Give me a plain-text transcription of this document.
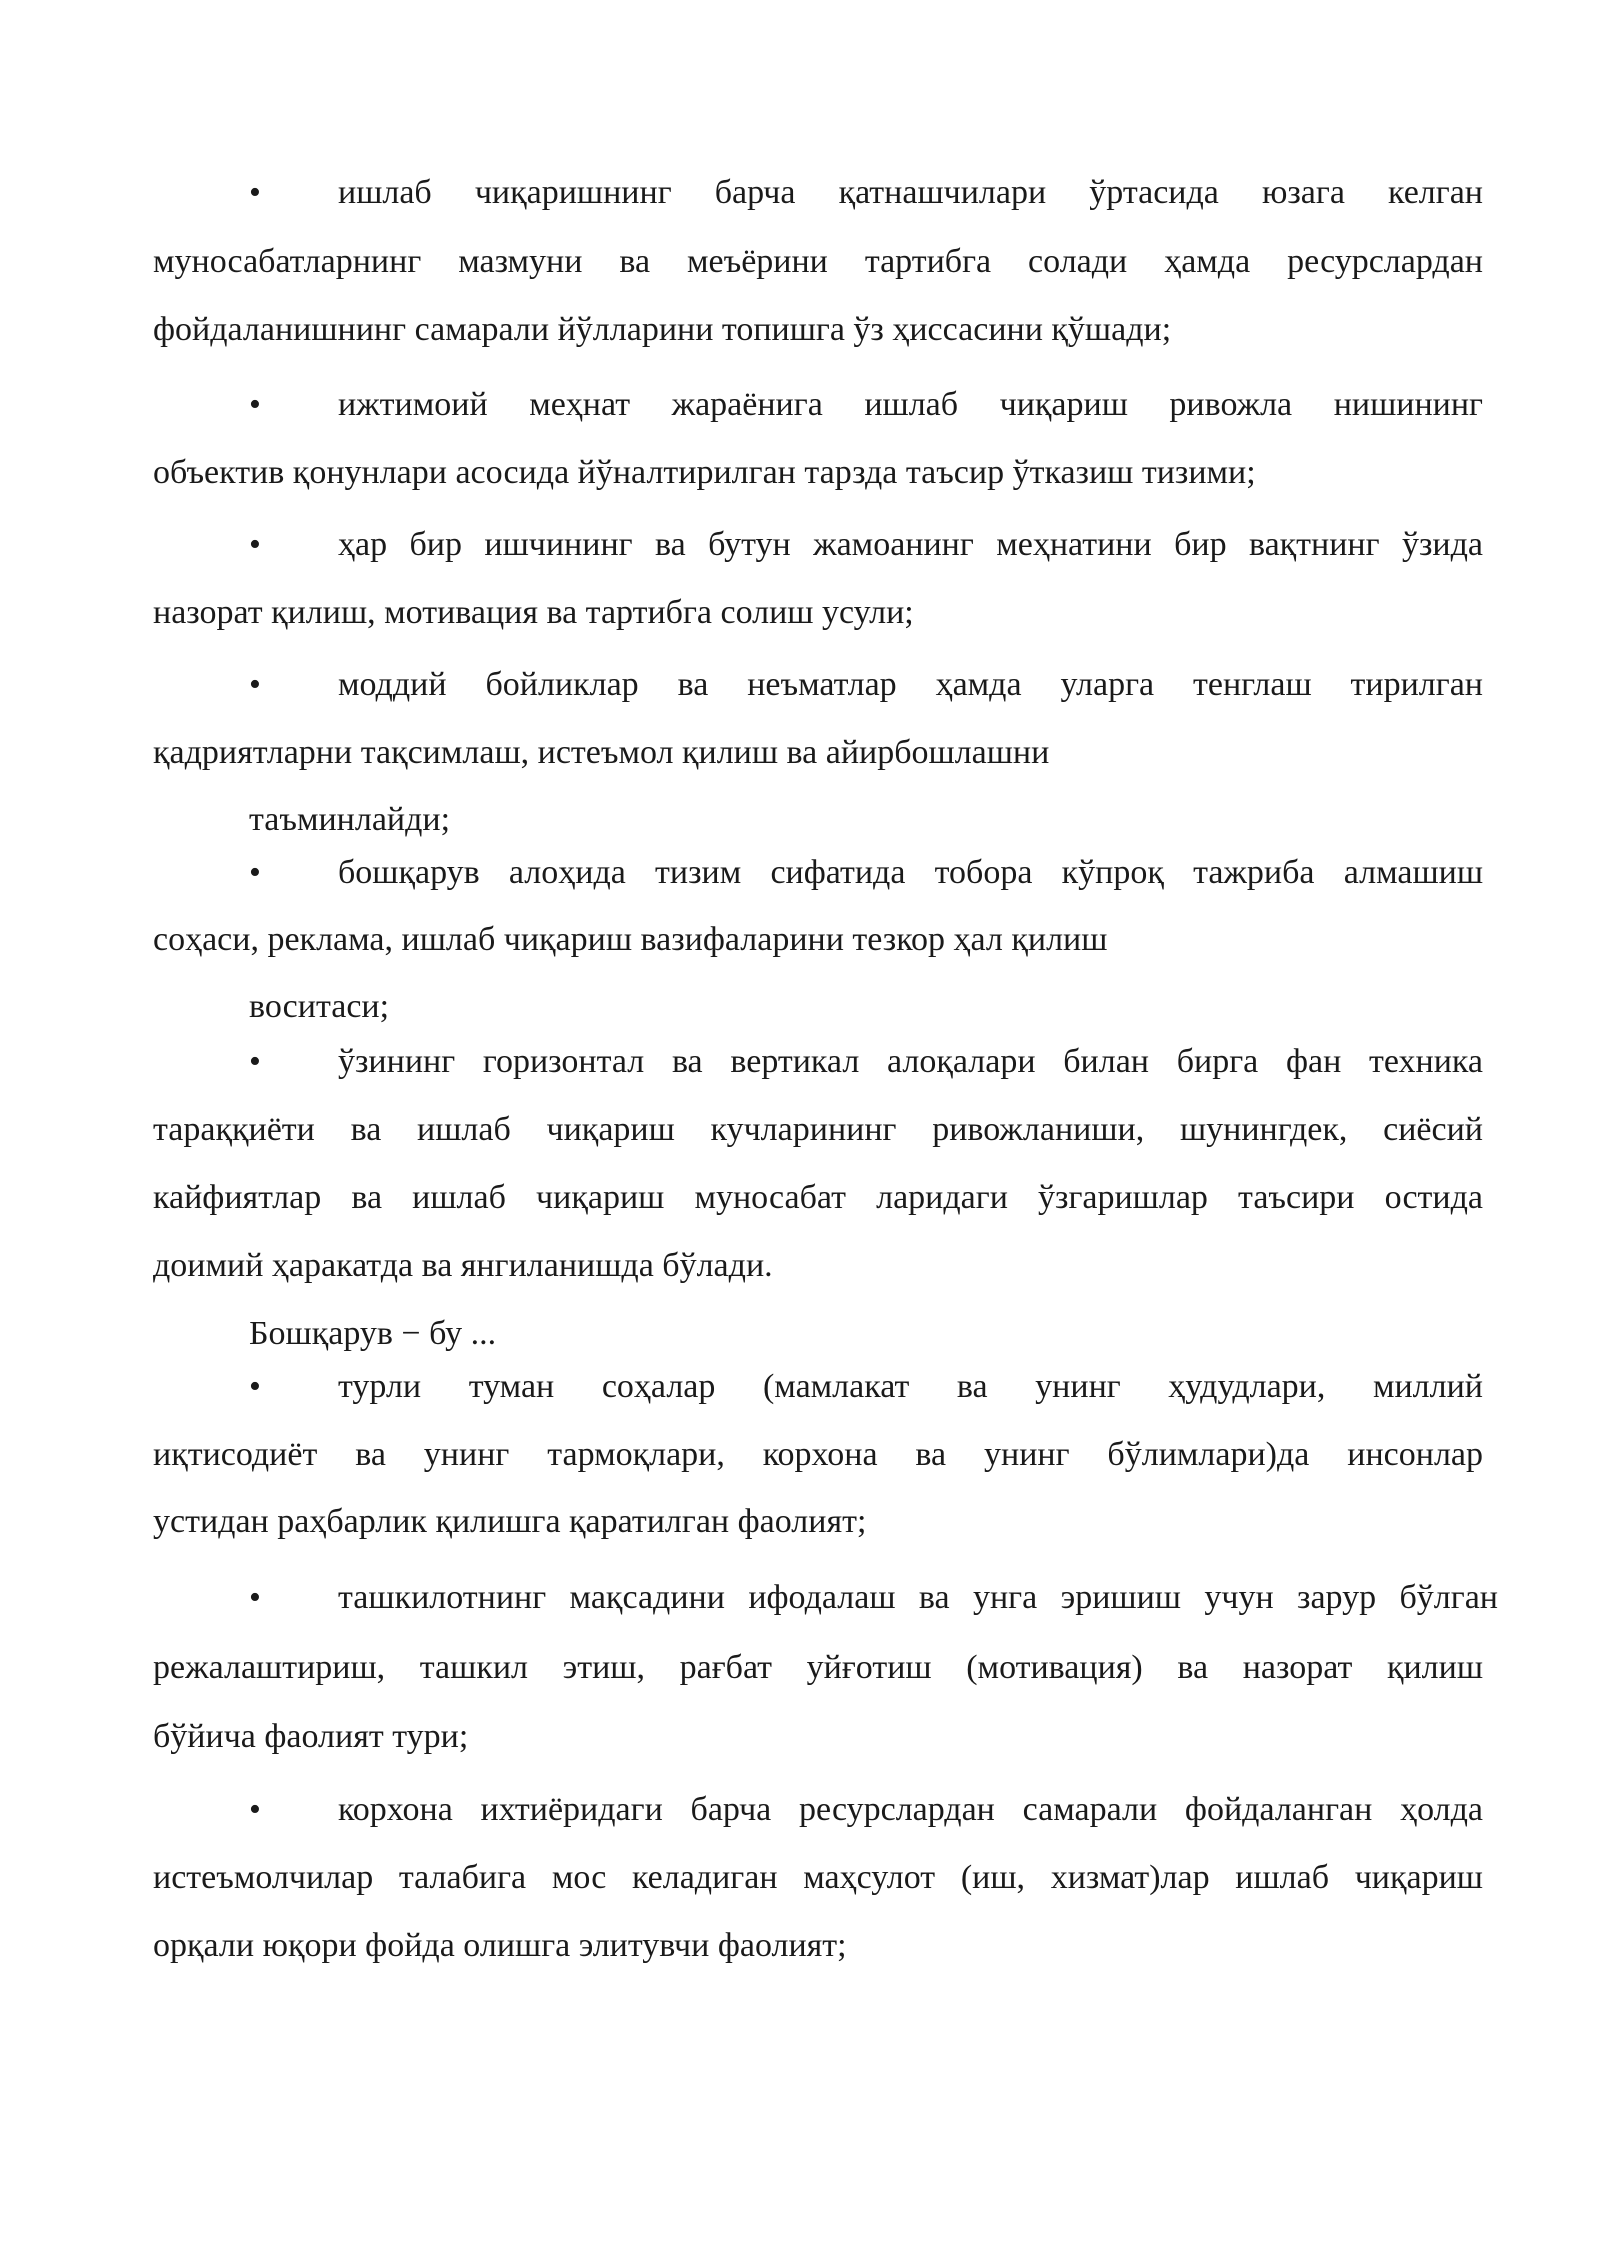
• ишлаб чиқаришнинг барча қатнашчилари ўртасида юзага келган
муносабатларнинг мазмуни ва меъёрини тартибга солади ҳамда ресурслардан
фойдаланишнинг самарали йўлларини топишга ўз ҳиссасини қўшади;
• ижтимоий меҳнат жараёнига ишлаб чиқариш ривожла нишининг
объектив қонунлари асосида йўналтирилган тарзда таъсир ўтказиш тизими;
• ҳар бир ишчининг ва бутун жамоанинг меҳнатини бир вақтнинг ўзида
назорат қилиш, мотивация ва тартибга солиш усули;
• моддий бойликлар ва неъматлар ҳамда уларга тенглаш тирилган
қадриятларни тақсимлаш, истеъмол қилиш ва айирбошлашни
таъминлайди;
• бошқарув алоҳида тизим сифатида тобора кўпроқ тажриба алмашиш
соҳаси, реклама, ишлаб чиқариш вазифаларини тезкор ҳал қилиш
воситаси;
• ўзининг горизонтал ва вертикал алоқалари билан бирга фан техника
тараққиёти ва ишлаб чиқариш кучларининг ривожланиши, шунингдек, сиёсий
кайфиятлар ва ишлаб чиқариш муносабат ларидаги ўзгаришлар таъсири остида
доимий ҳаракатда ва янгиланишда бўлади.
Бошқарув − бу ...
• турли туман соҳалар (мамлакат ва унинг ҳудудлари, миллий
иқтисодиёт ва унинг тармоқлари, корхона ва унинг бўлимлари)да инсонлар
устидан раҳбарлик қилишга қаратилган фаолият;
• ташкилотнинг мақсадини ифодалаш ва унга эришиш учун зарур бўлган
режалаштириш, ташкил этиш, рағбат уйғотиш (мотивация) ва назорат қилиш
бўйича фаолият тури;
• корхона ихтиёридаги барча ресурслардан самарали фойдаланган ҳолда
истеъмолчилар талабига мос келадиган маҳсулот (иш, хизмат)лар ишлаб чиқариш
орқали юқори фойда олишга элитувчи фаолият;
